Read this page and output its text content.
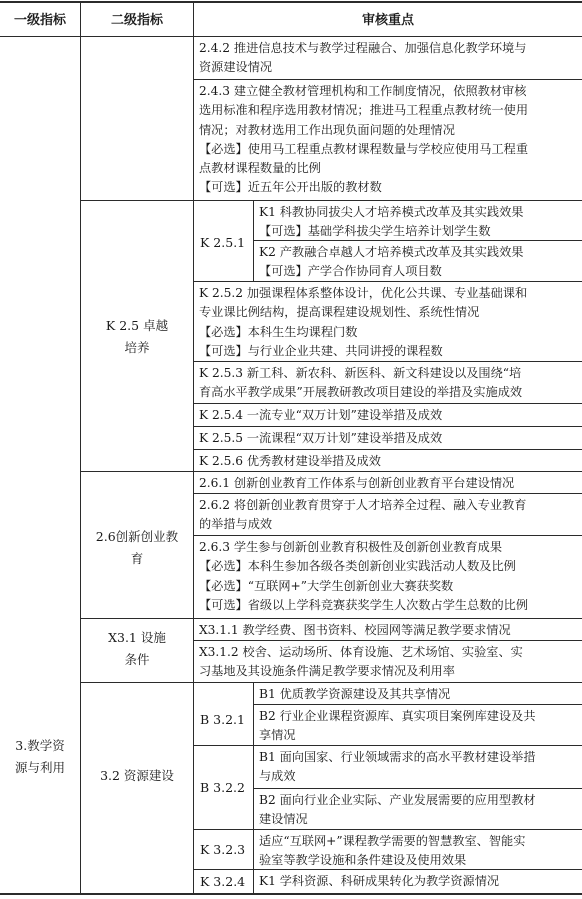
一级指标	二级指标	审核重点
3.教学资
源与利用
K 2.5 卓越
培养
2.6创新创业教
育
X3.1 设施
条件
3.2 资源建设
K 2.5.1
B 3.2.1
B 3.2.2
K 3.2.3
K 3.2.4
2.4.2 推进信息技术与教学过程融合、加强信息化教学环境与
资源建设情况
2.4.3 建立健全教材管理机构和工作制度情况，依照教材审核
选用标准和程序选用教材情况；推进马工程重点教材统一使用
情况；对教材选用工作出现负面问题的处理情况
【必选】使用马工程重点教材课程数量与学校应使用马工程重
点教材课程数量的比例
【可选】近五年公开出版的教材数
K1 科教协同拔尖人才培养模式改革及其实践效果
【可选】基础学科拔尖学生培养计划学生数
K2 产教融合卓越人才培养模式改革及其实践效果
【可选】产学合作协同育人项目数
K 2.5.2 加强课程体系整体设计，优化公共课、专业基础课和
专业课比例结构，提高课程建设规划性、系统性情况
【必选】本科生生均课程门数
【可选】与行业企业共建、共同讲授的课程数
K 2.5.3 新工科、新农科、新医科、新文科建设以及围绕“培
育高水平教学成果”开展教研教改项目建设的举措及实施成效
K 2.5.4 一流专业“双万计划”建设举措及成效
K 2.5.5 一流课程“双万计划”建设举措及成效
K 2.5.6 优秀教材建设举措及成效
2.6.1 创新创业教育工作体系与创新创业教育平台建设情况
2.6.2 将创新创业教育贯穿于人才培养全过程、融入专业教育
的举措与成效
2.6.3 学生参与创新创业教育积极性及创新创业教育成果
【必选】本科生参加各级各类创新创业实践活动人数及比例
【必选】“互联网+”大学生创新创业大赛获奖数
【可选】省级以上学科竞赛获奖学生人次数占学生总数的比例
X3.1.1 教学经费、图书资料、校园网等满足教学要求情况
X3.1.2 校舍、运动场所、体育设施、艺术场馆、实验室、实
习基地及其设施条件满足教学要求情况及利用率
B1 优质教学资源建设及其共享情况
B2 行业企业课程资源库、真实项目案例库建设及共
享情况
B1 面向国家、行业领域需求的高水平教材建设举措
与成效
B2 面向行业企业实际、产业发展需要的应用型教材
建设情况
适应“互联网+”课程教学需要的智慧教室、智能实
验室等教学设施和条件建设及使用效果
K1 学科资源、科研成果转化为教学资源情况
